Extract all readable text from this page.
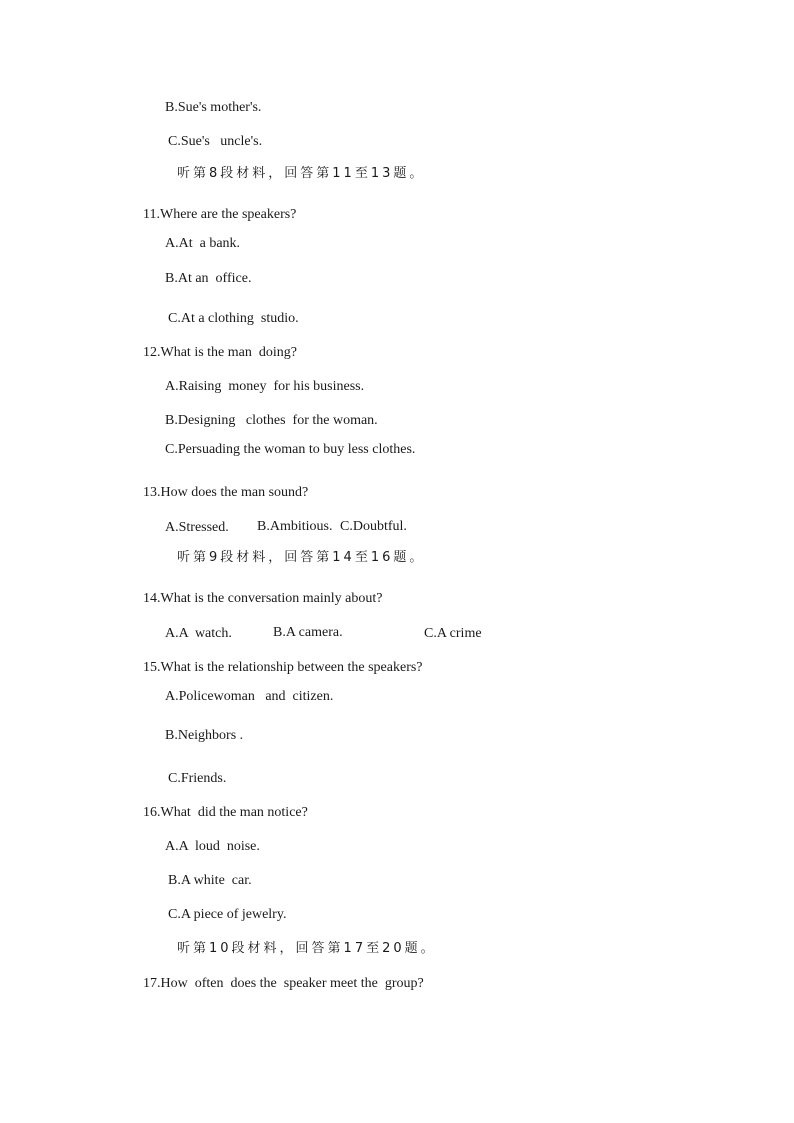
B.Sue's mother's.
C.Sue's   uncle's.
听第8段材料，回答第11至13题。
11.Where are the speakers?
A.At  a bank.
B.At an  office.
C.At a clothing  studio.
12.What is the man  doing?
A.Raising  money  for his business.
B.Designing   clothes  for the woman.
C.Persuading the woman to buy less clothes.
13.How does the man sound?
A.Stressed. B.Ambitious. C.Doubtful.
听第9段材料，回答第14至16题。
14.What is the conversation mainly about?
A.A  watch.	B.A camera.	C.A crime
15.What is the relationship between the speakers?
A.Policewoman   and  citizen.
B.Neighbors .
C.Friends.
16.What  did the man notice?
A.A  loud  noise.
B.A white  car.
C.A piece of jewelry.
听第10段材料，回答第17至20题。
17.How  often  does the  speaker meet the  group?
